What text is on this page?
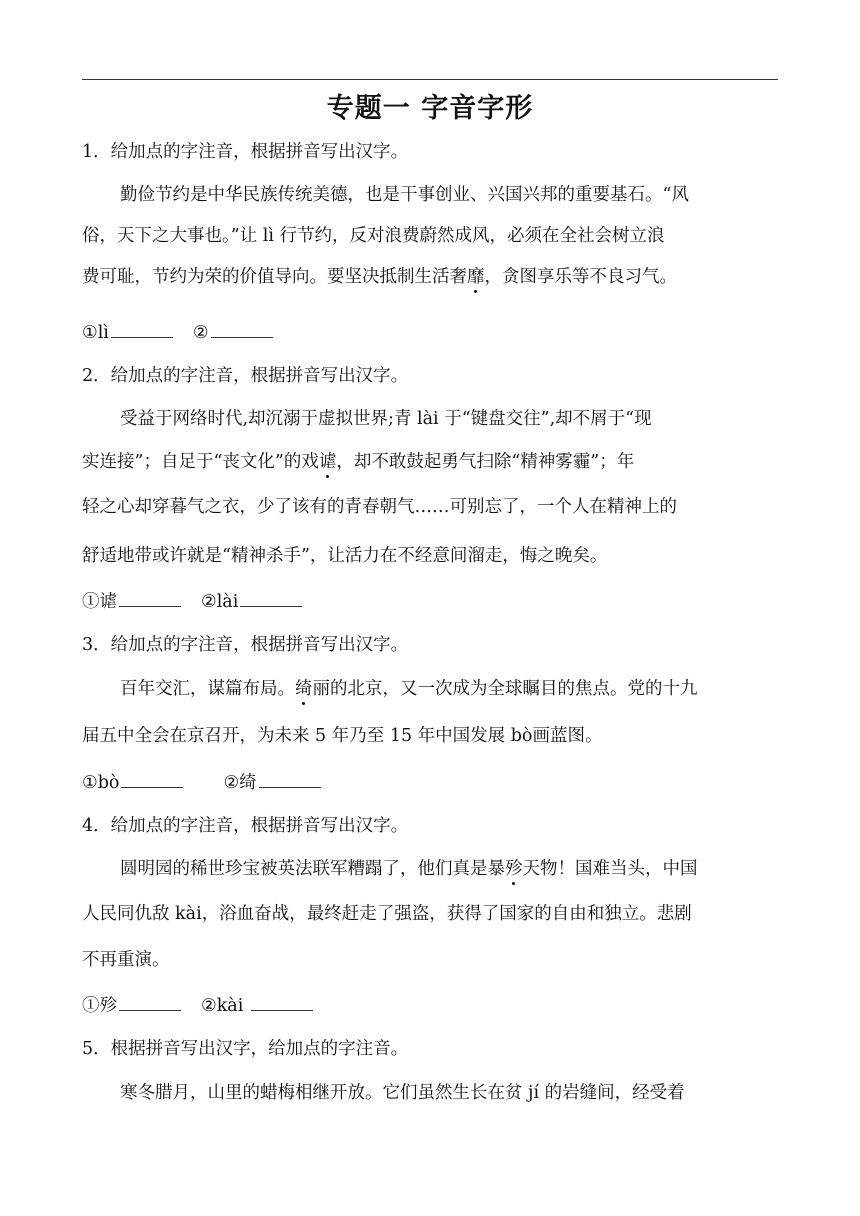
专题一 字音字形
1．给加点的字注音，根据拼音写出汉字。
勤俭节约是中华民族传统美德，也是干事创业、兴国兴邦的重要基石。“风
俗，天下之大事也。”让 lì 行节约，反对浪费蔚然成风，必须在全社会树立浪
费可耻，节约为荣的价值导向。要坚决抵制生活奢靡，贪图享乐等不良习气。
①lì	②
2．给加点的字注音，根据拼音写出汉字。
受益于网络时代,却沉溺于虚拟世界;青 lài 于“键盘交往”,却不屑于“现
实连接”；自足于“丧文化”的戏谑，却不敢鼓起勇气扫除“精神雾霾”；年
轻之心却穿暮气之衣，少了该有的青春朝气……可别忘了，一个人在精神上的
舒适地带或许就是“精神杀手”，让活力在不经意间溜走，悔之晚矣。
①谑	②lài
3．给加点的字注音，根据拼音写出汉字。
百年交汇，谋篇布局。绮丽的北京，又一次成为全球瞩目的焦点。党的十九
届五中全会在京召开，为未来 5 年乃至 15 年中国发展 bò画蓝图。
①bò	②绮
4．给加点的字注音，根据拼音写出汉字。
圆明园的稀世珍宝被英法联军糟蹋了，他们真是暴殄天物！国难当头，中国
人民同仇敌 kài，浴血奋战，最终赶走了强盗，获得了国家的自由和独立。悲剧
不再重演。
①殄	②kài
5．根据拼音写出汉字，给加点的字注音。
寒冬腊月，山里的蜡梅相继开放。它们虽然生长在贫 jí 的岩缝间，经受着
